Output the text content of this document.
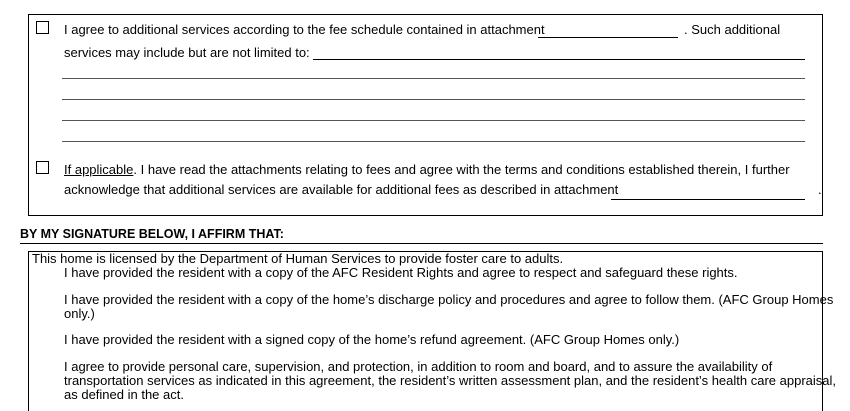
I agree to additional services according to the fee schedule contained in attachment	. Such additional
services may include but are not limited to:
If applicable. I have read the attachments relating to fees and agree with the terms and conditions established therein, I further
acknowledge that additional services are available for additional fees as described in attachment	.
BY MY SIGNATURE BELOW, I AFFIRM THAT:
This home is licensed by the Department of Human Services to provide foster care to adults.
I have provided the resident with a copy of the AFC Resident Rights and agree to respect and safeguard these rights.
I have provided the resident with a copy of the home’s discharge policy and procedures and agree to follow them. (AFC Group Homes
only.)
I have provided the resident with a signed copy of the home’s refund agreement. (AFC Group Homes only.)
I agree to provide personal care, supervision, and protection, in addition to room and board, and to assure the availability of
transportation services as indicated in this agreement, the resident’s written assessment plan, and the resident’s health care appraisal,
as defined in the act.
